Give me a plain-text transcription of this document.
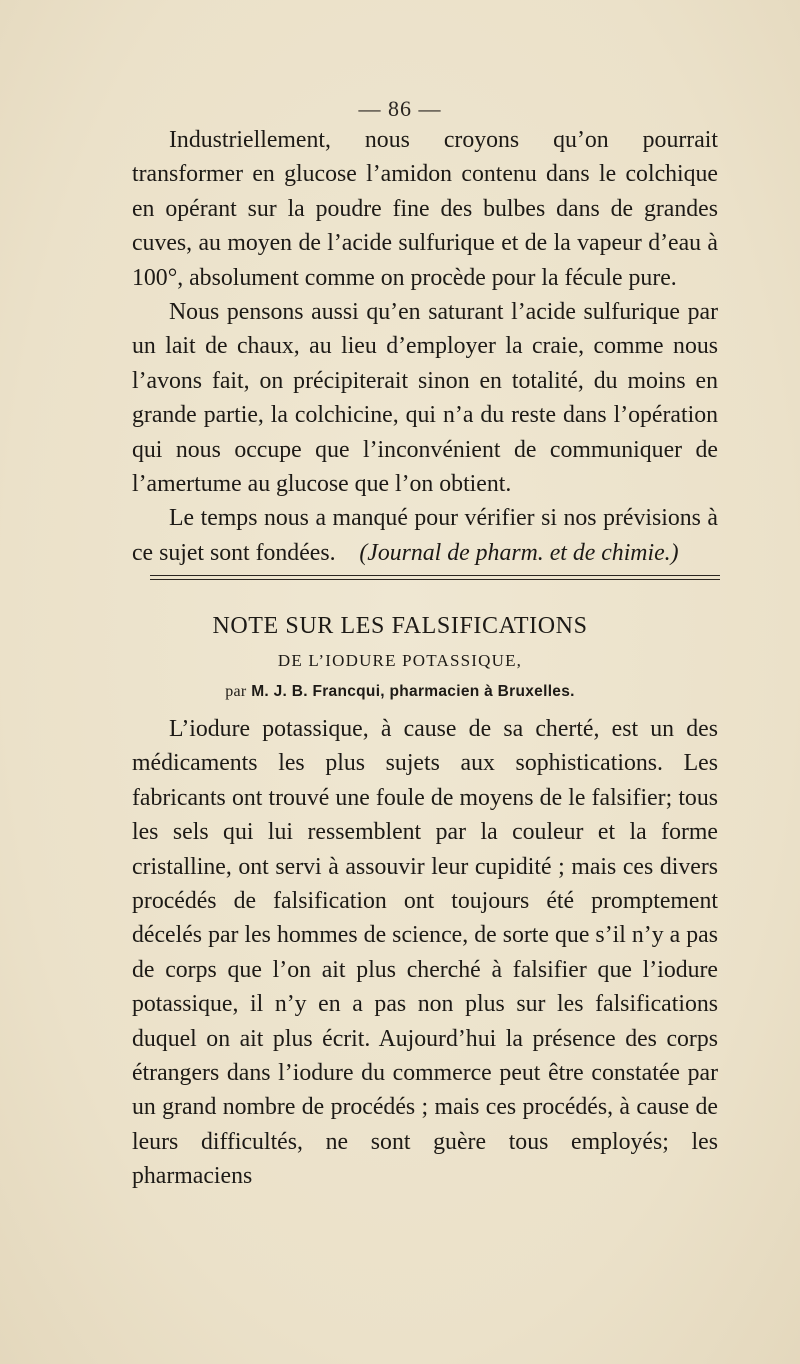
— 86 —

Industriellement, nous croyons qu’on pourrait transformer en glucose l’amidon contenu dans le colchique en opérant sur la poudre fine des bulbes dans de grandes cuves, au moyen de l’acide sulfurique et de la vapeur d’eau à 100°, absolument comme on procède pour la fécule pure.

Nous pensons aussi qu’en saturant l’acide sulfurique par un lait de chaux, au lieu d’employer la craie, comme nous l’avons fait, on précipiterait sinon en totalité, du moins en grande partie, la colchicine, qui n’a du reste dans l’opération qui nous occupe que l’inconvénient de communiquer de l’amertume au glucose que l’on obtient.

Le temps nous a manqué pour vérifier si nos prévisions à ce sujet sont fondées. (Journal de pharm. et de chimie.)

NOTE SUR LES FALSIFICATIONS
DE L’IODURE POTASSIQUE,
par M. J. B. Francqui, pharmacien à Bruxelles.

L’iodure potassique, à cause de sa cherté, est un des médicaments les plus sujets aux sophistications. Les fabricants ont trouvé une foule de moyens de le falsifier; tous les sels qui lui ressemblent par la couleur et la forme cristalline, ont servi à assouvir leur cupidité ; mais ces divers procédés de falsification ont toujours été promptement décelés par les hommes de science, de sorte que s’il n’y a pas de corps que l’on ait plus cherché à falsifier que l’iodure potassique, il n’y en a pas non plus sur les falsifications duquel on ait plus écrit. Aujourd’hui la présence des corps étrangers dans l’iodure du commerce peut être constatée par un grand nombre de procédés ; mais ces procédés, à cause de leurs difficultés, ne sont guère tous employés; les pharmaciens
